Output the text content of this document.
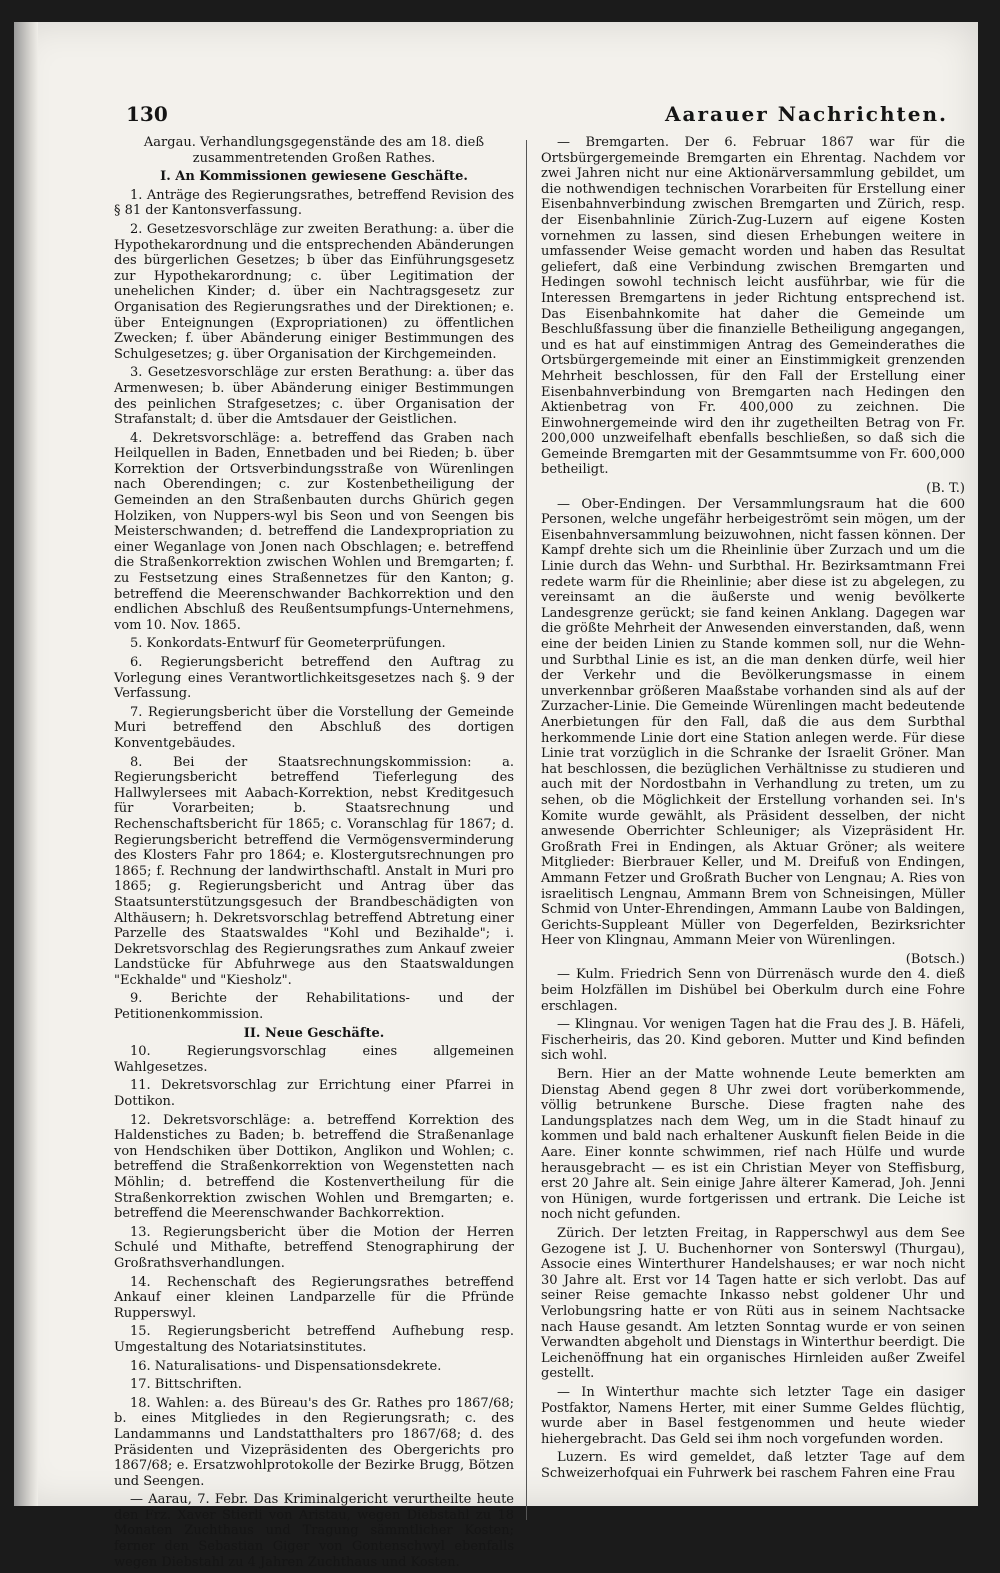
130	Aarauer Nachrichten.

Aargau. Verhandlungsgegenstände des am 18. dieß zusammentretenden Großen Rathes.

I. An Kommissionen gewiesene Geschäfte.

1. Anträge des Regierungsrathes, betreffend Revision des § 81 der Kantonsverfassung.

2. Gesetzesvorschläge zur zweiten Berathung: a. über die Hypothekarordnung und die entsprechenden Abänderungen des bürgerlichen Gesetzes; b über das Einführungsgesetz zur Hypothekarordnung; c. über Legitimation der unehelichen Kinder; d. über ein Nachtragsgesetz zur Organisation des Regierungsrathes und der Direktionen; e. über Enteignungen (Expropriationen) zu öffentlichen Zwecken; f. über Abänderung einiger Bestimmungen des Schulgesetzes; g. über Organisation der Kirchgemeinden.

3. Gesetzesvorschläge zur ersten Berathung: a. über das Armenwesen; b. über Abänderung einiger Bestimmungen des peinlichen Strafgesetzes; c. über Organisation der Strafanstalt; d. über die Amtsdauer der Geistlichen.

4. Dekretsvorschläge: a. betreffend das Graben nach Heilquellen in Baden, Ennetbaden und bei Rieden; b. über Korrektion der Ortsverbindungsstraße von Würenlingen nach Oberendingen; c. zur Kostenbetheiligung der Gemeinden an den Straßenbauten durchs Ghürich gegen Holziken, von Nuppers-wyl bis Seon und von Seengen bis Meisterschwanden; d. betreffend die Landexpropriation zu einer Weganlage von Jonen nach Obschlagen; e. betreffend die Straßenkorrektion zwischen Wohlen und Bremgarten; f. zu Festsetzung eines Straßennetzes für den Kanton; g. betreffend die Meerenschwander Bachkorrektion und den endlichen Abschluß des Reußentsumpfungs-Unternehmens, vom 10. Nov. 1865.

5. Konkordats-Entwurf für Geometerprüfungen.

6. Regierungsbericht betreffend den Auftrag zu Vorlegung eines Verantwortlichkeitsgesetzes nach §. 9 der Verfassung.

7. Regierungsbericht über die Vorstellung der Gemeinde Muri betreffend den Abschluß des dortigen Konventgebäudes.

8. Bei der Staatsrechnungskommission: a. Regierungsbericht betreffend Tieferlegung des Hallwylersees mit Aabach-Korrektion, nebst Kreditgesuch für Vorarbeiten; b. Staatsrechnung und Rechenschaftsbericht für 1865; c. Voranschlag für 1867; d. Regierungsbericht betreffend die Vermögensverminderung des Klosters Fahr pro 1864; e. Klostergutsrechnungen pro 1865; f. Rechnung der landwirthschaftl. Anstalt in Muri pro 1865; g. Regierungsbericht und Antrag über das Staatsunterstützungsgesuch der Brandbeschädigten von Althäusern; h. Dekretsvorschlag betreffend Abtretung einer Parzelle des Staatswaldes "Kohl und Bezihalde"; i. Dekretsvorschlag des Regierungsrathes zum Ankauf zweier Landstücke für Abfuhrwege aus den Staatswaldungen "Eckhalde" und "Kiesholz".

9. Berichte der Rehabilitations- und der Petitionenkommission.

II. Neue Geschäfte.

10. Regierungsvorschlag eines allgemeinen Wahlgesetzes.

11. Dekretsvorschlag zur Errichtung einer Pfarrei in Dottikon.

12. Dekretsvorschläge: a. betreffend Korrektion des Haldenstiches zu Baden; b. betreffend die Straßenanlage von Hendschiken über Dottikon, Anglikon und Wohlen; c. betreffend die Straßenkorrektion von Wegenstetten nach Möhlin; d. betreffend die Kostenvertheilung für die Straßenkorrektion zwischen Wohlen und Bremgarten; e. betreffend die Meerenschwander Bachkorrektion.

13. Regierungsbericht über die Motion der Herren Schulé und Mithafte, betreffend Stenographirung der Großrathsverhandlungen.

14. Rechenschaft des Regierungsrathes betreffend Ankauf einer kleinen Landparzelle für die Pfründe Rupperswyl.

15. Regierungsbericht betreffend Aufhebung resp. Umgestaltung des Notariatsinstitutes.

16. Naturalisations- und Dispensationsdekrete.

17. Bittschriften.

18. Wahlen: a. des Büreau's des Gr. Rathes pro 1867/68; b. eines Mitgliedes in den Regierungsrath; c. des Landammanns und Landstatthalters pro 1867/68; d. des Präsidenten und Vizepräsidenten des Obergerichts pro 1867/68; e. Ersatzwohlprotokolle der Bezirke Brugg, Bötzen und Seengen.

— Aarau, 7. Febr. Das Kriminalgericht verurtheilte heute den Frz. Xaver Stierli von Aristau, wegen Diebstahl zu 18 Monaten Zuchthaus und Tragung sämmtlicher Kosten; ferner den Sebastian Giger von Gontenschwyl ebenfalls wegen Diebstahl zu 4 Jahren Zuchthaus und Kosten.

— Bremgarten. Der 6. Februar 1867 war für die Ortsbürgergemeinde Bremgarten ein Ehrentag. Nachdem vor zwei Jahren nicht nur eine Aktionärversammlung gebildet, um die nothwendigen technischen Vorarbeiten für Erstellung einer Eisenbahnverbindung zwischen Bremgarten und Zürich, resp. der Eisenbahnlinie Zürich-Zug-Luzern auf eigene Kosten vornehmen zu lassen, sind diesen Erhebungen weitere in umfassender Weise gemacht worden und haben das Resultat geliefert, daß eine Verbindung zwischen Bremgarten und Hedingen sowohl technisch leicht ausführbar, wie für die Interessen Bremgartens in jeder Richtung entsprechend ist. Das Eisenbahnkomite hat daher die Gemeinde um Beschlußfassung über die finanzielle Betheiligung angegangen, und es hat auf einstimmigen Antrag des Gemeinderathes die Ortsbürgergemeinde mit einer an Einstimmigkeit grenzenden Mehrheit beschlossen, für den Fall der Erstellung einer Eisenbahnverbindung von Bremgarten nach Hedingen den Aktienbetrag von Fr. 400,000 zu zeichnen. Die Einwohnergemeinde wird den ihr zugetheilten Betrag von Fr. 200,000 unzweifelhaft ebenfalls beschließen, so daß sich die Gemeinde Bremgarten mit der Gesammtsumme von Fr. 600,000 betheiligt.

(B. T.)

— Ober-Endingen. Der Versammlungsraum hat die 600 Personen, welche ungefähr herbeigeströmt sein mögen, um der Eisenbahnversammlung beizuwohnen, nicht fassen können. Der Kampf drehte sich um die Rheinlinie über Zurzach und um die Linie durch das Wehn- und Surbthal. Hr. Bezirksamtmann Frei redete warm für die Rheinlinie; aber diese ist zu abgelegen, zu vereinsamt an die äußerste und wenig bevölkerte Landesgrenze gerückt; sie fand keinen Anklang. Dagegen war die größte Mehrheit der Anwesenden einverstanden, daß, wenn eine der beiden Linien zu Stande kommen soll, nur die Wehn- und Surbthal Linie es ist, an die man denken dürfe, weil hier der Verkehr und die Bevölkerungsmasse in einem unverkennbar größeren Maaßstabe vorhanden sind als auf der Zurzacher-Linie. Die Gemeinde Würenlingen macht bedeutende Anerbietungen für den Fall, daß die aus dem Surbthal herkommende Linie dort eine Station anlegen werde. Für diese Linie trat vorzüglich in die Schranke der Israelit Gröner. Man hat beschlossen, die bezüglichen Verhältnisse zu studieren und auch mit der Nordostbahn in Verhandlung zu treten, um zu sehen, ob die Möglichkeit der Erstellung vorhanden sei. In's Komite wurde gewählt, als Präsident desselben, der nicht anwesende Oberrichter Schleuniger; als Vizepräsident Hr. Großrath Frei in Endingen, als Aktuar Gröner; als weitere Mitglieder: Bierbrauer Keller, und M. Dreifuß von Endingen, Ammann Fetzer und Großrath Bucher von Lengnau; A. Ries von israelitisch Lengnau, Ammann Brem von Schneisingen, Müller Schmid von Unter-Ehrendingen, Ammann Laube von Baldingen, Gerichts-Suppleant Müller von Degerfelden, Bezirksrichter Heer von Klingnau, Ammann Meier von Würenlingen.

(Botsch.)

— Kulm. Friedrich Senn von Dürrenäsch wurde den 4. dieß beim Holzfällen im Dishübel bei Oberkulm durch eine Fohre erschlagen.

— Klingnau. Vor wenigen Tagen hat die Frau des J. B. Häfeli, Fischerheiris, das 20. Kind geboren. Mutter und Kind befinden sich wohl.

Bern. Hier an der Matte wohnende Leute bemerkten am Dienstag Abend gegen 8 Uhr zwei dort vorüberkommende, völlig betrunkene Bursche. Diese fragten nahe des Landungsplatzes nach dem Weg, um in die Stadt hinauf zu kommen und bald nach erhaltener Auskunft fielen Beide in die Aare. Einer konnte schwimmen, rief nach Hülfe und wurde herausgebracht — es ist ein Christian Meyer von Steffisburg, erst 20 Jahre alt. Sein einige Jahre älterer Kamerad, Joh. Jenni von Hünigen, wurde fortgerissen und ertrank. Die Leiche ist noch nicht gefunden.

Zürich. Der letzten Freitag, in Rapperschwyl aus dem See Gezogene ist J. U. Buchenhorner von Sonterswyl (Thurgau), Associe eines Winterthurer Handelshauses; er war noch nicht 30 Jahre alt. Erst vor 14 Tagen hatte er sich verlobt. Das auf seiner Reise gemachte Inkasso nebst goldener Uhr und Verlobungsring hatte er von Rüti aus in seinem Nachtsacke nach Hause gesandt. Am letzten Sonntag wurde er von seinen Verwandten abgeholt und Dienstags in Winterthur beerdigt. Die Leichenöffnung hat ein organisches Hirnleiden außer Zweifel gestellt.

— In Winterthur machte sich letzter Tage ein dasiger Postfaktor, Namens Herter, mit einer Summe Geldes flüchtig, wurde aber in Basel festgenommen und heute wieder hiehergebracht. Das Geld sei ihm noch vorgefunden worden.

Luzern. Es wird gemeldet, daß letzter Tage auf dem Schweizerhofquai ein Fuhrwerk bei raschem Fahren eine Frau
